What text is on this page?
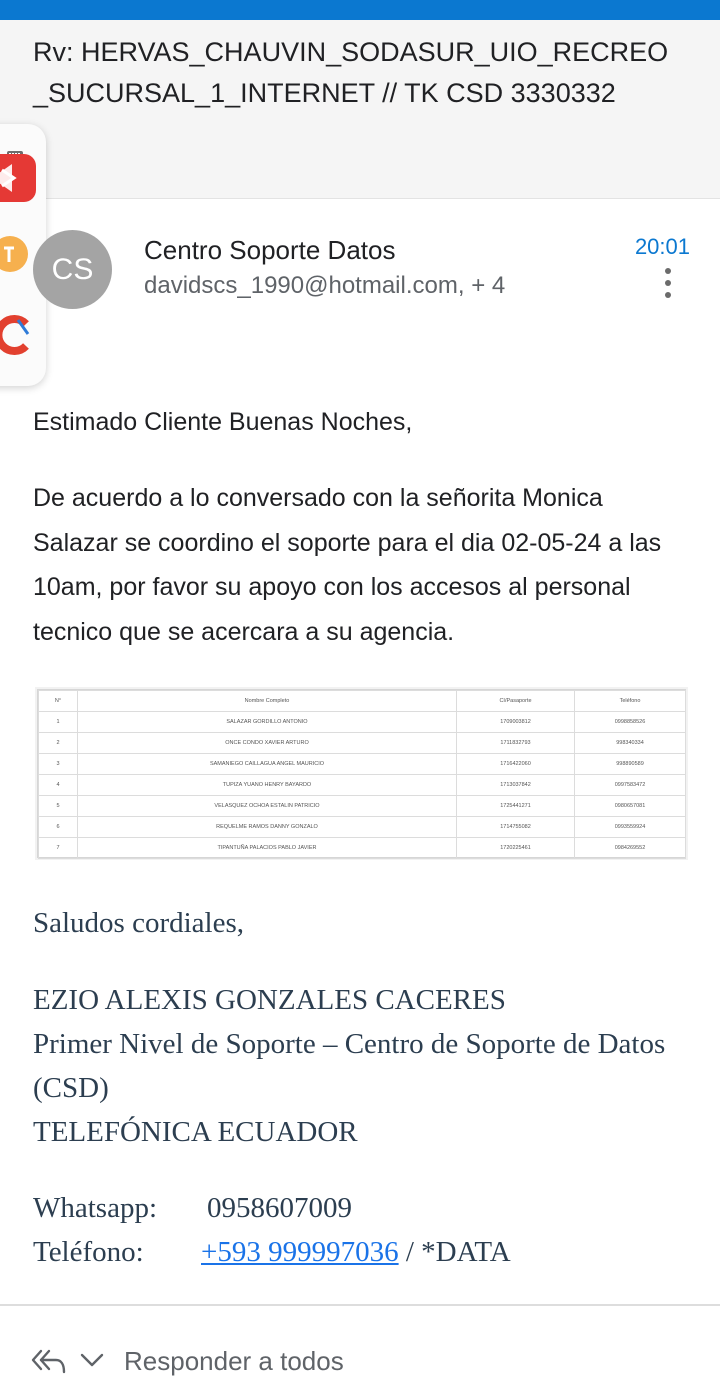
Rv: HERVAS_CHAUVIN_SODASUR_UIO_RECREO_SUCURSAL_1_INTERNET // TK CSD 3330332
CS
Centro Soporte Datos
davidscs_1990@hotmail.com, + 4
20:01
Estimado Cliente Buenas Noches,
De acuerdo a lo conversado con la señorita Monica Salazar se coordino el soporte para el dia 02-05-24 a las 10am, por favor su apoyo con los accesos al personal tecnico que se acercara a su agencia.
N°	Nombre Completo	CI/Pasaporte	Teléfono
1	SALAZAR GORDILLO ANTONIO	1709003812	0998858526
2	ONCE CONDO XAVIER ARTURO	1711832793	998340334
3	SAMANIEGO CAILLAGUA ANGEL MAURICIO	1716422060	998890589
4	TUPIZA YUANO HENRY BAYARDO	1713037842	0997583472
5	VELASQUEZ OCHOA ESTALIN PATRICIO	1725441271	0980657081
6	REQUELME RAMOS DANNY GONZALO	1714755082	0993559924
7	TIPANTUÑA PALACIOS PABLO JAVIER	1720225461	0984269552
Saludos cordiales,
EZIO ALEXIS GONZALES CACERES
Primer Nivel de Soporte – Centro de Soporte de Datos (CSD)
TELEFÓNICA ECUADOR
Whatsapp: 0958607009
Teléfono: +593 999997036 / *DATA
Responder a todos
